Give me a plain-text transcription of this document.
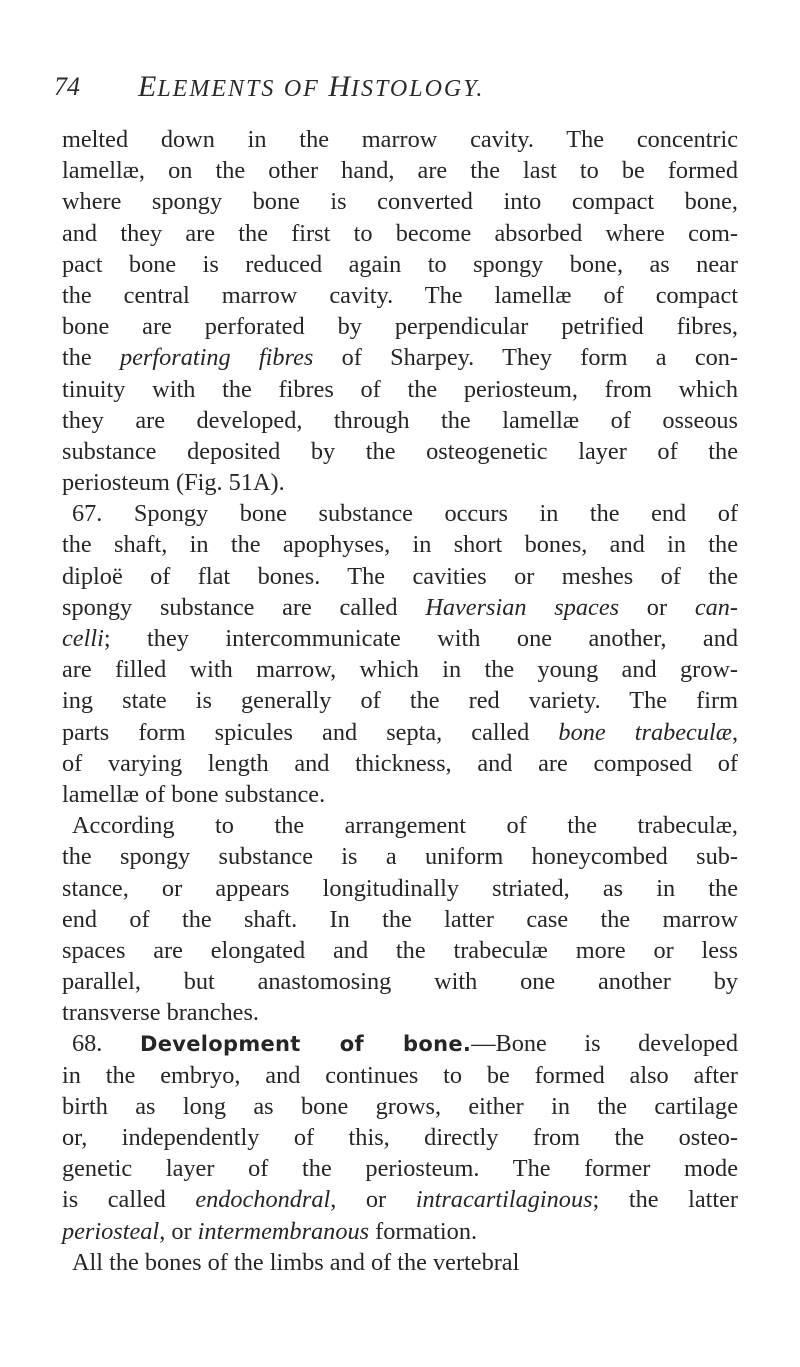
74 ELEMENTS OF HISTOLOGY.
melted down in the marrow cavity. The concentric
lamellæ, on the other hand, are the last to be formed
where spongy bone is converted into compact bone,
and they are the first to become absorbed where com-
pact bone is reduced again to spongy bone, as near
the central marrow cavity. The lamellæ of compact
bone are perforated by perpendicular petrified fibres,
the perforating fibres of Sharpey. They form a con-
tinuity with the fibres of the periosteum, from which
they are developed, through the lamellæ of osseous
substance deposited by the osteogenetic layer of the
periosteum (Fig. 51A).
67. Spongy bone substance occurs in the end of
the shaft, in the apophyses, in short bones, and in the
diploë of flat bones. The cavities or meshes of the
spongy substance are called Haversian spaces or can-
celli; they intercommunicate with one another, and
are filled with marrow, which in the young and grow-
ing state is generally of the red variety. The firm
parts form spicules and septa, called bone trabeculæ,
of varying length and thickness, and are composed of
lamellæ of bone substance.
According to the arrangement of the trabeculæ,
the spongy substance is a uniform honeycombed sub-
stance, or appears longitudinally striated, as in the
end of the shaft. In the latter case the marrow
spaces are elongated and the trabeculæ more or less
parallel, but anastomosing with one another by
transverse branches.
68. Development of bone.—Bone is developed
in the embryo, and continues to be formed also after
birth as long as bone grows, either in the cartilage
or, independently of this, directly from the osteo-
genetic layer of the periosteum. The former mode
is called endochondral, or intracartilaginous; the latter
periosteal, or intermembranous formation.
All the bones of the limbs and of the vertebral
